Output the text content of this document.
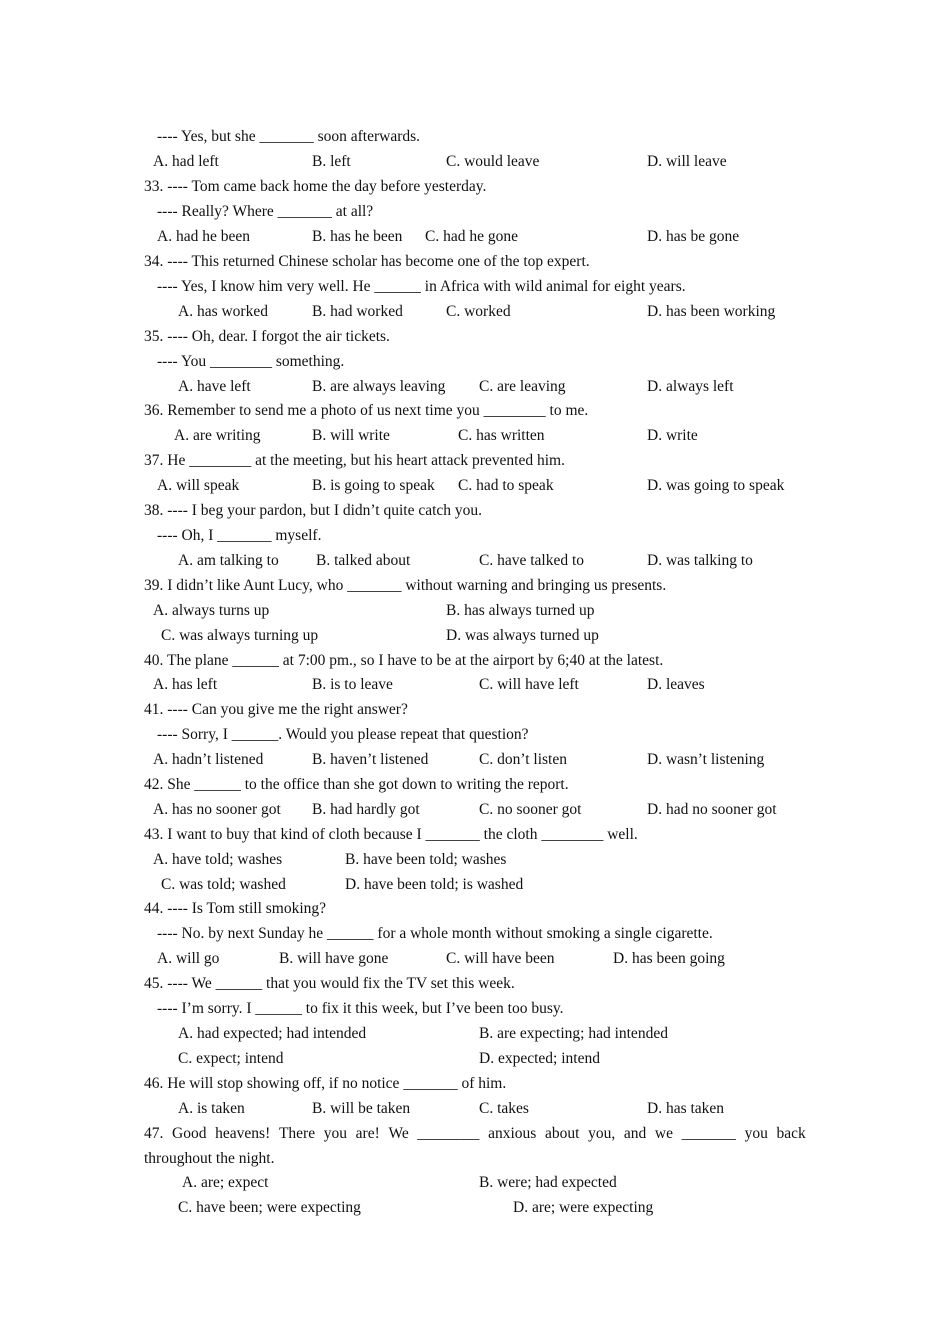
---- Yes, but she _______ soon afterwards.
A. had left	B. left	C. would leave	D. will leave
33. ---- Tom came back home the day before yesterday.
---- Really? Where _______ at all?
A. had he been	B. has he been C. had he gone	D. has be gone
34. ---- This returned Chinese scholar has become one of the top expert.
---- Yes, I know him very well. He ______ in Africa with wild animal for eight years.
A. has worked	B. had worked	C. worked	D. has been working
35. ---- Oh, dear. I forgot the air tickets.
---- You ________ something.
A. have left	B. are always leaving C. are leaving	D. always left
36. Remember to send me a photo of us next time you ________ to me.
A. are writing	B. will write	C. has written	D. write
37. He ________ at the meeting, but his heart attack prevented him.
A. will speak	B. is going to speak C. had to speak	D. was going to speak
38. ---- I beg your pardon, but I didn’t quite catch you.
---- Oh, I _______ myself.
A. am talking to B. talked about	C. have talked to	D. was talking to
39. I didn’t like Aunt Lucy, who _______ without warning and bringing us presents.
A. always turns up	B. has always turned up
C. was always turning up	D. was always turned up
40. The plane ______ at 7:00 pm., so I have to be at the airport by 6;40 at the latest.
A. has left	B. is to leave	C. will have left	D. leaves
41. ---- Can you give me the right answer?
---- Sorry, I ______. Would you please repeat that question?
A. hadn’t listened	B. haven’t listened	C. don’t listen	D. wasn’t listening
42. She ______ to the office than she got down to writing the report.
A. has no sooner got B. had hardly got	C. no sooner got	D. had no sooner got
43. I want to buy that kind of cloth because I _______ the cloth ________ well.
A. have told; washes	B. have been told; washes
C. was told; washed	D. have been told; is washed
44. ---- Is Tom still smoking?
---- No. by next Sunday he ______ for a whole month without smoking a single cigarette.
A. will go	B. will have gone	C. will have been	D. has been going
45. ---- We ______ that you would fix the TV set this week.
---- I’m sorry. I ______ to fix it this week, but I’ve been too busy.
A. had expected; had intended	B. are expecting; had intended
C. expect; intend	D. expected; intend
46. He will stop showing off, if no notice _______ of him.
A. is taken	B. will be taken	C. takes	D. has taken
47. Good heavens! There you are! We ________ anxious about you, and we _______ you back
throughout the night.
A. are; expect	B. were; had expected
C. have been; were expecting	D. are; were expecting
